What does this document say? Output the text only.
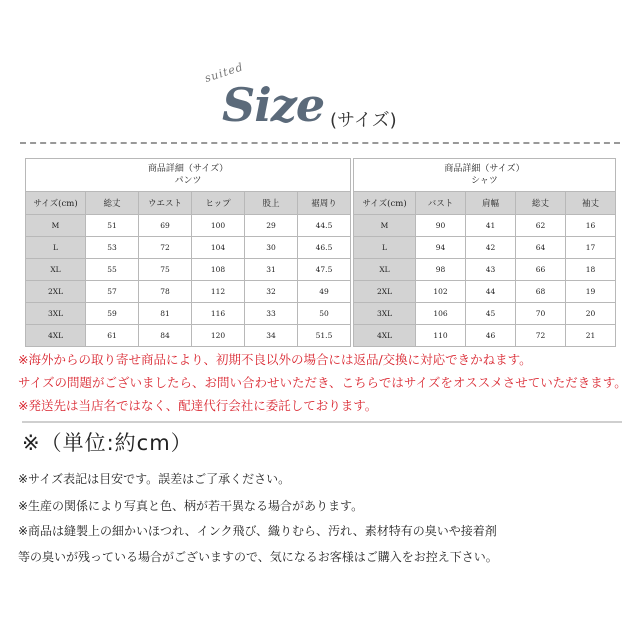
suited
Size (サイズ)
商品詳細（サイズ）
パンツ					
サイズ(cm)	総丈	ウエスト	ヒップ	股上	裾周り
M	51	69	100	29	44.5
L	53	72	104	30	46.5
XL	55	75	108	31	47.5
2XL	57	78	112	32	49
3XL	59	81	116	33	50
4XL	61	84	120	34	51.5
商品詳細（サイズ）
シャツ				
サイズ(cm)	バスト	肩幅	総丈	袖丈
M	90	41	62	16
L	94	42	64	17
XL	98	43	66	18
2XL	102	44	68	19
3XL	106	45	70	20
4XL	110	46	72	21
※海外からの取り寄せ商品により、初期不良以外の場合には返品/交換に対応できかねます。
サイズの問題がございましたら、お問い合わせいただき、こちらではサイズをオススメさせていただきます。
※発送先は当店名ではなく、配達代行会社に委託しております。
※（単位:約cm）
※サイズ表記は目安です。誤差はご了承ください。
※生産の関係により写真と色、柄が若干異なる場合があります。
※商品は縫製上の細かいほつれ、インク飛び、織りむら、汚れ、素材特有の臭いや接着剤
等の臭いが残っている場合がございますので、気になるお客様はご購入をお控え下さい。
